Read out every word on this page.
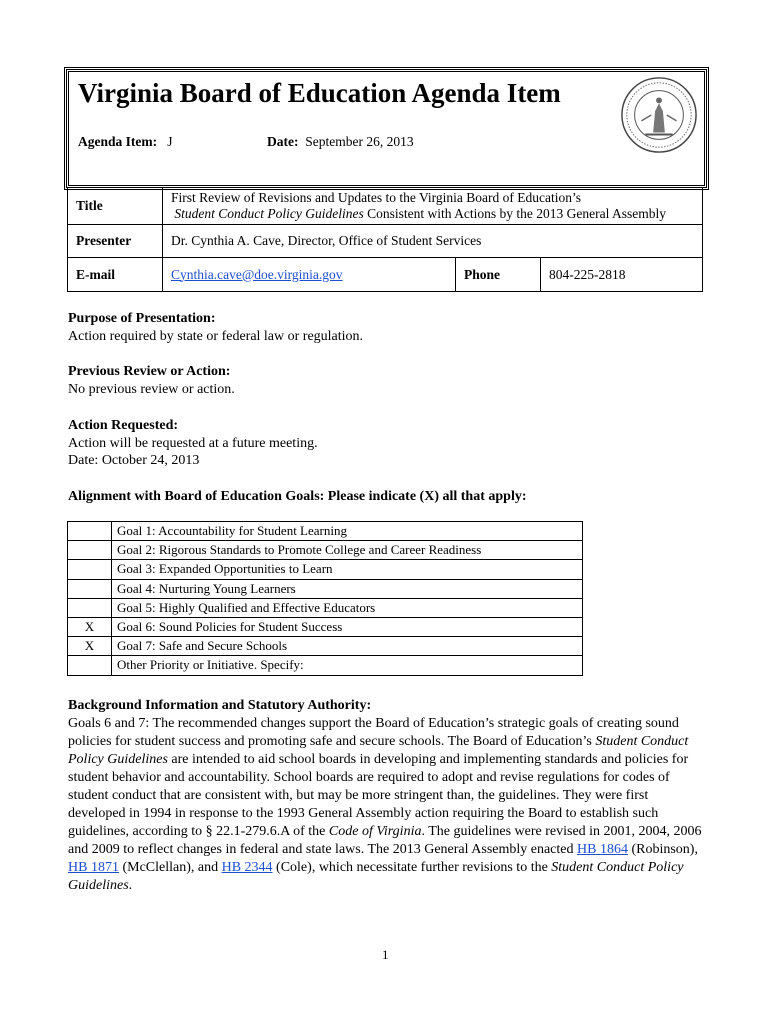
Virginia Board of Education Agenda Item
Agenda Item: J	Date: September 26, 2013
Title	First Review of Revisions and Updates to the Virginia Board of Education’s
Student Conduct Policy Guidelines Consistent with Actions by the 2013 General Assembly		
Presenter	Dr. Cynthia A. Cave, Director, Office of Student Services		
E-mail	Cynthia.cave@doe.virginia.gov	Phone	804-225-2818
Purpose of Presentation:
Action required by state or federal law or regulation.
Previous Review or Action:
No previous review or action.
Action Requested:
Action will be requested at a future meeting.
Date: October 24, 2013
Alignment with Board of Education Goals: Please indicate (X) all that apply:
	Goal 1: Accountability for Student Learning
	Goal 2: Rigorous Standards to Promote College and Career Readiness
	Goal 3: Expanded Opportunities to Learn
	Goal 4: Nurturing Young Learners
	Goal 5: Highly Qualified and Effective Educators
X	Goal 6: Sound Policies for Student Success
X	Goal 7: Safe and Secure Schools
	Other Priority or Initiative. Specify:
Background Information and Statutory Authority:

Goals 6 and 7: The recommended changes support the Board of Education’s strategic goals of creating sound policies for student success and promoting safe and secure schools. The Board of Education’s Student Conduct Policy Guidelines are intended to aid school boards in developing and implementing standards and policies for student behavior and accountability. School boards are required to adopt and revise regulations for codes of student conduct that are consistent with, but may be more stringent than, the guidelines. They were first developed in 1994 in response to the 1993 General Assembly action requiring the Board to establish such guidelines, according to § 22.1-279.6.A of the Code of Virginia. The guidelines were revised in 2001, 2004, 2006 and 2009 to reflect changes in federal and state laws. The 2013 General Assembly enacted HB 1864 (Robinson), HB 1871 (McClellan), and HB 2344 (Cole), which necessitate further revisions to the Student Conduct Policy Guidelines.

1
